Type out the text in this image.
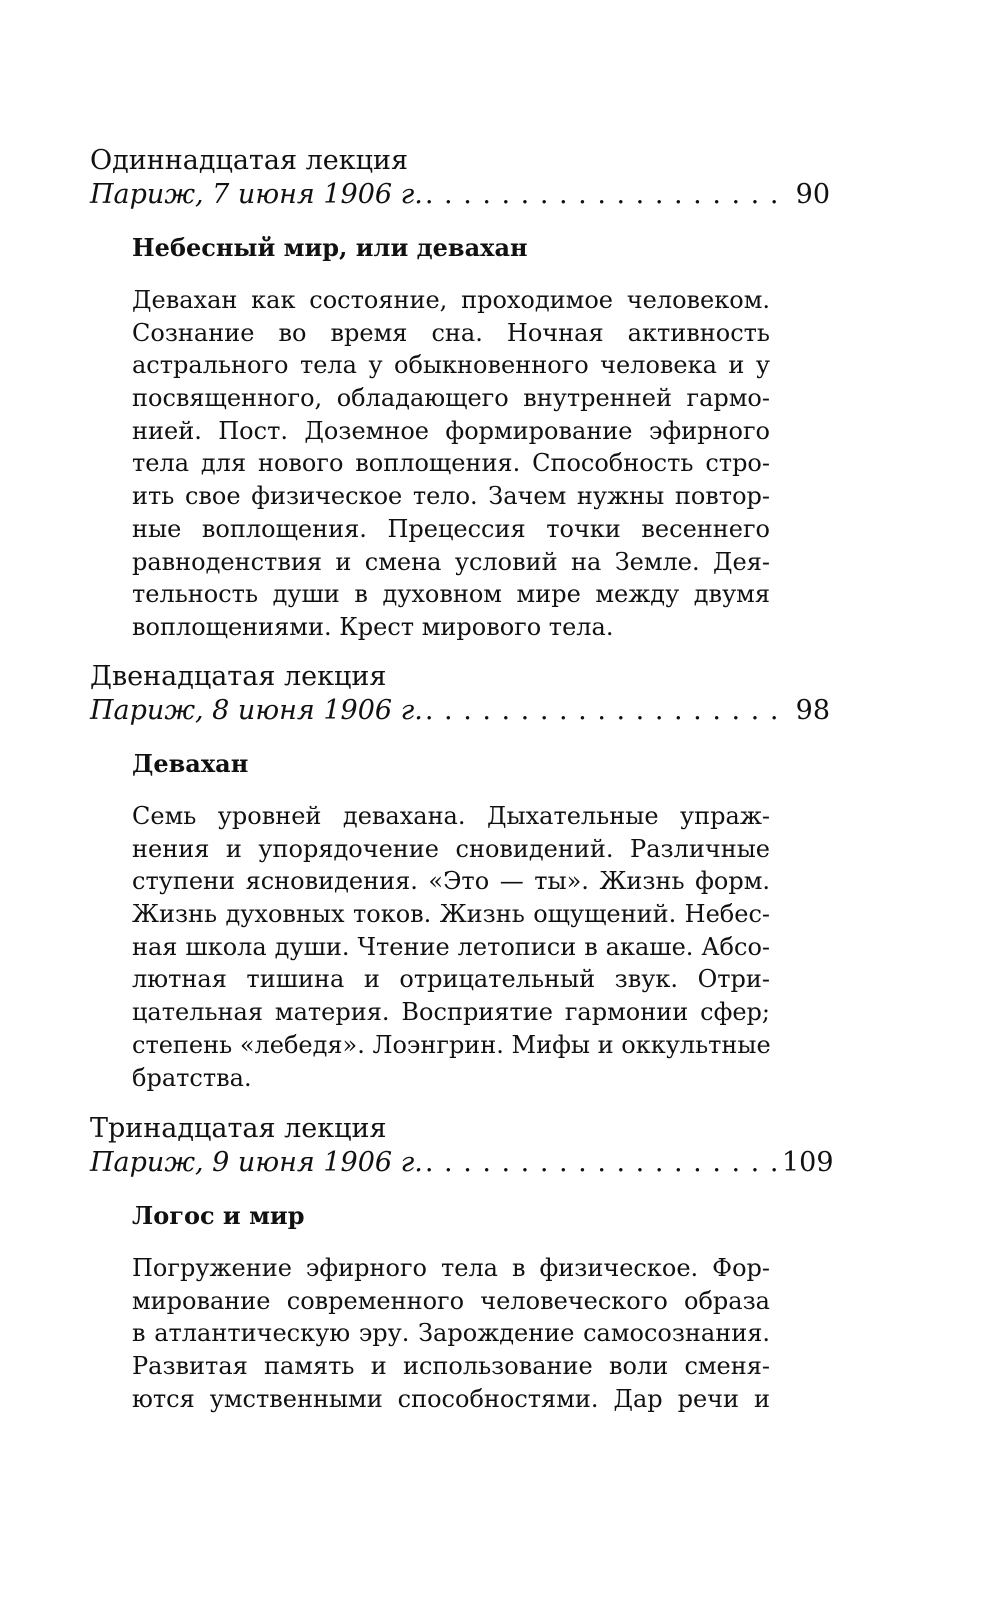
Одиннадцатая лекция
Париж, 7 июня 1906 г. . . .	90
Небесный мир, или девахан
Девахан как состояние, проходимое человеком.
Сознание во время сна. Ночная активность
астрального тела у обыкновенного человека и у
посвященного, обладающего внутренней гармо-
нией. Пост. Доземное формирование эфирного
тела для нового воплощения. Способность стро-
ить свое физическое тело. Зачем нужны повтор-
ные воплощения. Прецессия точки весеннего
равноденствия и смена условий на Земле. Дея-
тельность души в духовном мире между двумя
воплощениями. Крест мирового тела.
Двенадцатая лекция
Париж, 8 июня 1906 г. . . .	98
Девахан
Семь уровней девахана. Дыхательные упраж-
нения и упорядочение сновидений. Различные
ступени ясновидения. «Это — ты». Жизнь форм.
Жизнь духовных токов. Жизнь ощущений. Небес-
ная школа души. Чтение летописи в акаше. Абсо-
лютная тишина и отрицательный звук. Отри-
цательная материя. Восприятие гармонии сфер;
степень «лебедя». Лоэнгрин. Мифы и оккультные
братства.
Тринадцатая лекция
Париж, 9 июня 1906 г. . . .	109
Логос и мир
Погружение эфирного тела в физическое. Фор-
мирование современного человеческого образа
в атлантическую эру. Зарождение самосознания.
Развитая память и использование воли сменя-
ются умственными способностями. Дар речи и
